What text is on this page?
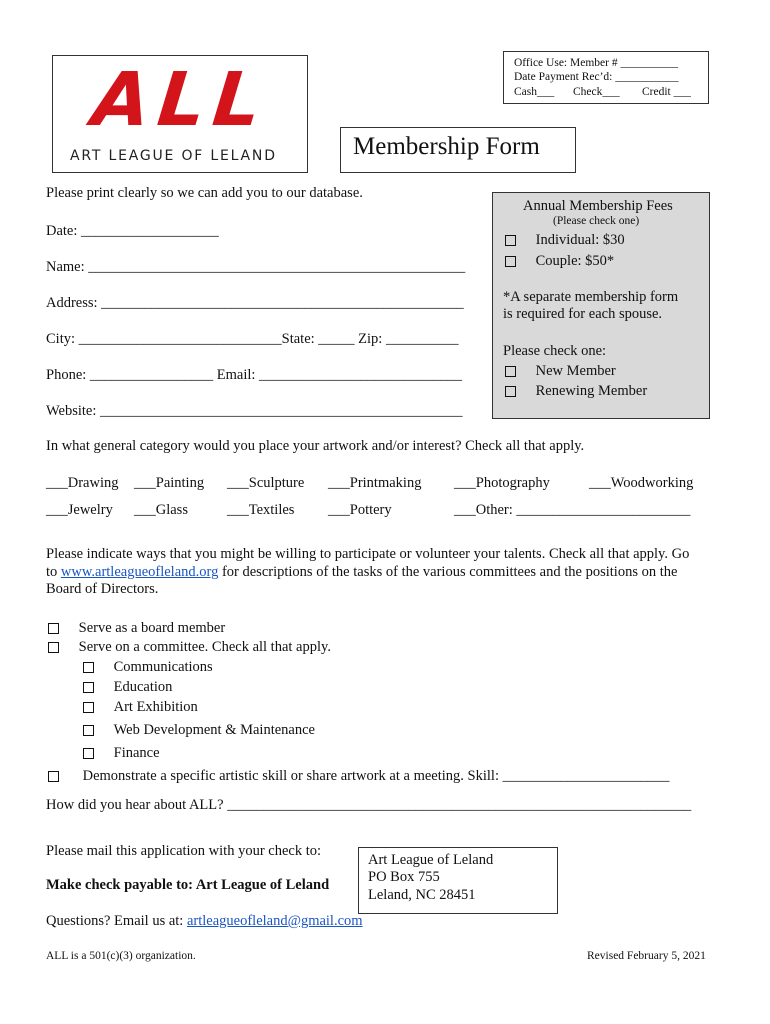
Office Use: Member # __________
Date Payment Rec’d: ___________
Cash___ Check___ Credit ___
ALL
ART LEAGUE OF LELAND	Membership Form
Please print clearly so we can add you to our database.
Date: ___________________
Name: ____________________________________________________
Address: __________________________________________________
City: ____________________________State: _____ Zip: __________
Phone: _________________ Email: ____________________________
Website: __________________________________________________
Annual Membership Fees
(Please check one)
Individual: $30
Couple: $50*
*A separate membership form
is required for each spouse.
Please check one:
New Member
Renewing Member
In what general category would you place your artwork and/or interest? Check all that apply.
___Drawing ___Painting ___Sculpture ___Printmaking ___Photography	___Woodworking
___Jewelry ___Glass	___Textiles ___Pottery	___Other: ________________________
Please indicate ways that you might be willing to participate or volunteer your talents. Check all that apply. Go
to www.artleagueofleland.org for descriptions of the tasks of the various committees and the positions on the
Board of Directors.
Serve as a board member
Serve on a committee. Check all that apply.
Communications
Education
Art Exhibition
Web Development & Maintenance
Finance
Demonstrate a specific artistic skill or share artwork at a meeting. Skill: _______________________
How did you hear about ALL? ________________________________________________________________
Please mail this application with your check to:
Make check payable to: Art League of Leland
Art League of Leland
PO Box 755
Leland, NC 28451
Questions? Email us at: artleagueofleland@gmail.com
ALL is a 501(c)(3) organization.	Revised February 5, 2021
